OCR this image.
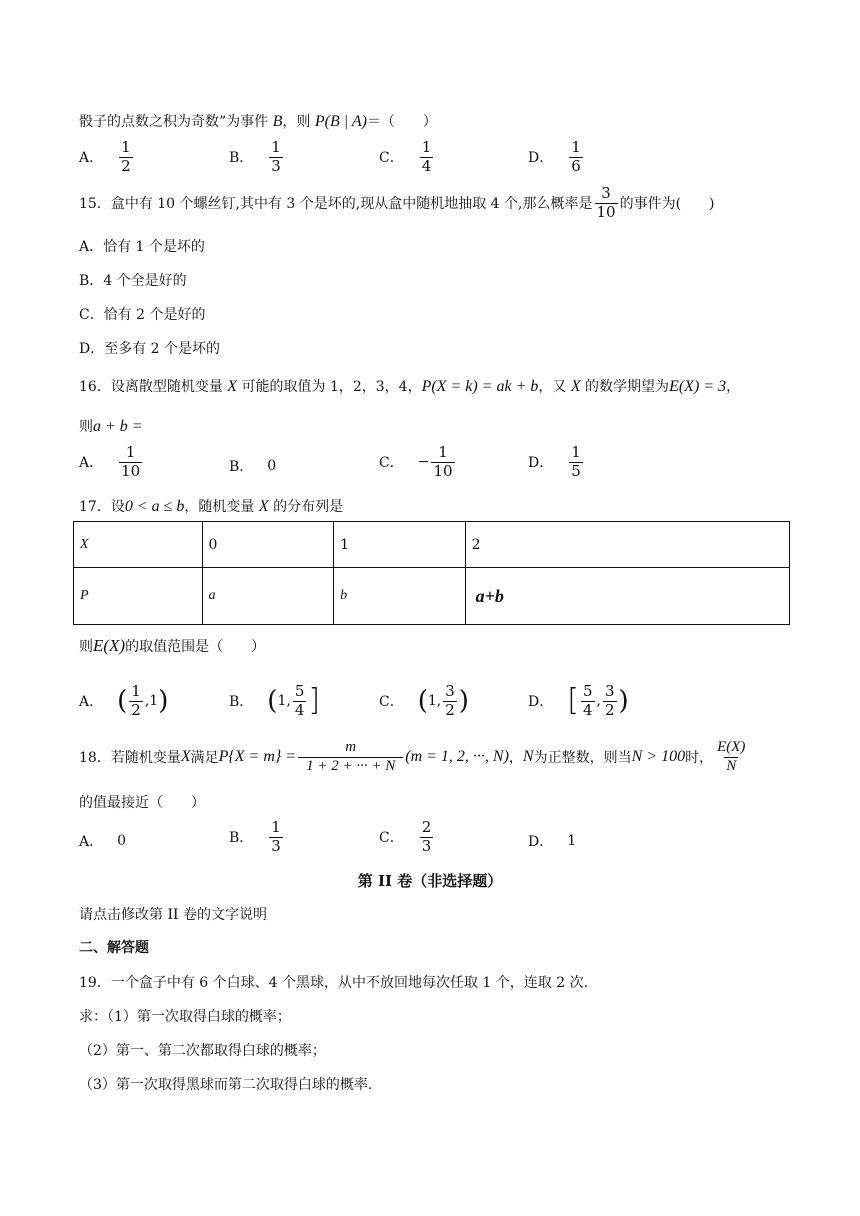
骰子的点数之积为奇数”为事件 B，则 P(B | A)＝（　　）
A． $\frac{1}{2}$	B． $\frac{1}{3}$	C． $\frac{1}{4}$	D． $\frac{1}{6}$
15．盒中有 10 个螺丝钉,其中有 3 个是坏的,现从盒中随机地抽取 4 个,那么概率是 $\frac{3}{10}$ 的事件为(　　)
A．恰有 1 个是坏的
B．4 个全是好的
C．恰有 2 个是好的
D．至多有 2 个是坏的
16．设离散型随机变量 X 可能的取值为 1，2，3，4，P(X = k) = ak + b，又 X 的数学期望为E(X) = 3，
则a + b =
A． $\frac{1}{10}$	B． 0	C． − $\frac{1}{10}$	D． $\frac{1}{5}$
17．设0 < a ≤ b，随机变量 X 的分布列是
X	0	1	2
P	a	b	a+b
则E(X)的取值范围是（　　）
A． ( $\frac{1}{2}$ , 1 )	B． ( 1 , $\frac{5}{4}$ ]	C． ( 1 , $\frac{3}{2}$ )	D． [ $\frac{5}{4}$ , $\frac{3}{2}$ )
18．若随机变量 X 满足 $P\{X = m\} = \frac{m}{1 + 2 + \cdot\cdot\cdot + N} (m = 1$, 2, ···, N) ， N 为正整数，则当 N > 100 时， $\frac{E(X)}{N}$
的值最接近（　　）
A． 0	B． $\frac{1}{3}$	C． $\frac{2}{3}$	D． 1
第 II 卷（非选择题）
请点击修改第 II 卷的文字说明
二、解答题
19．一个盒子中有 6 个白球、4 个黑球，从中不放回地每次任取 1 个，连取 2 次.
求：（1）第一次取得白球的概率；
（2）第一、第二次都取得白球的概率；
（3）第一次取得黑球而第二次取得白球的概率.
